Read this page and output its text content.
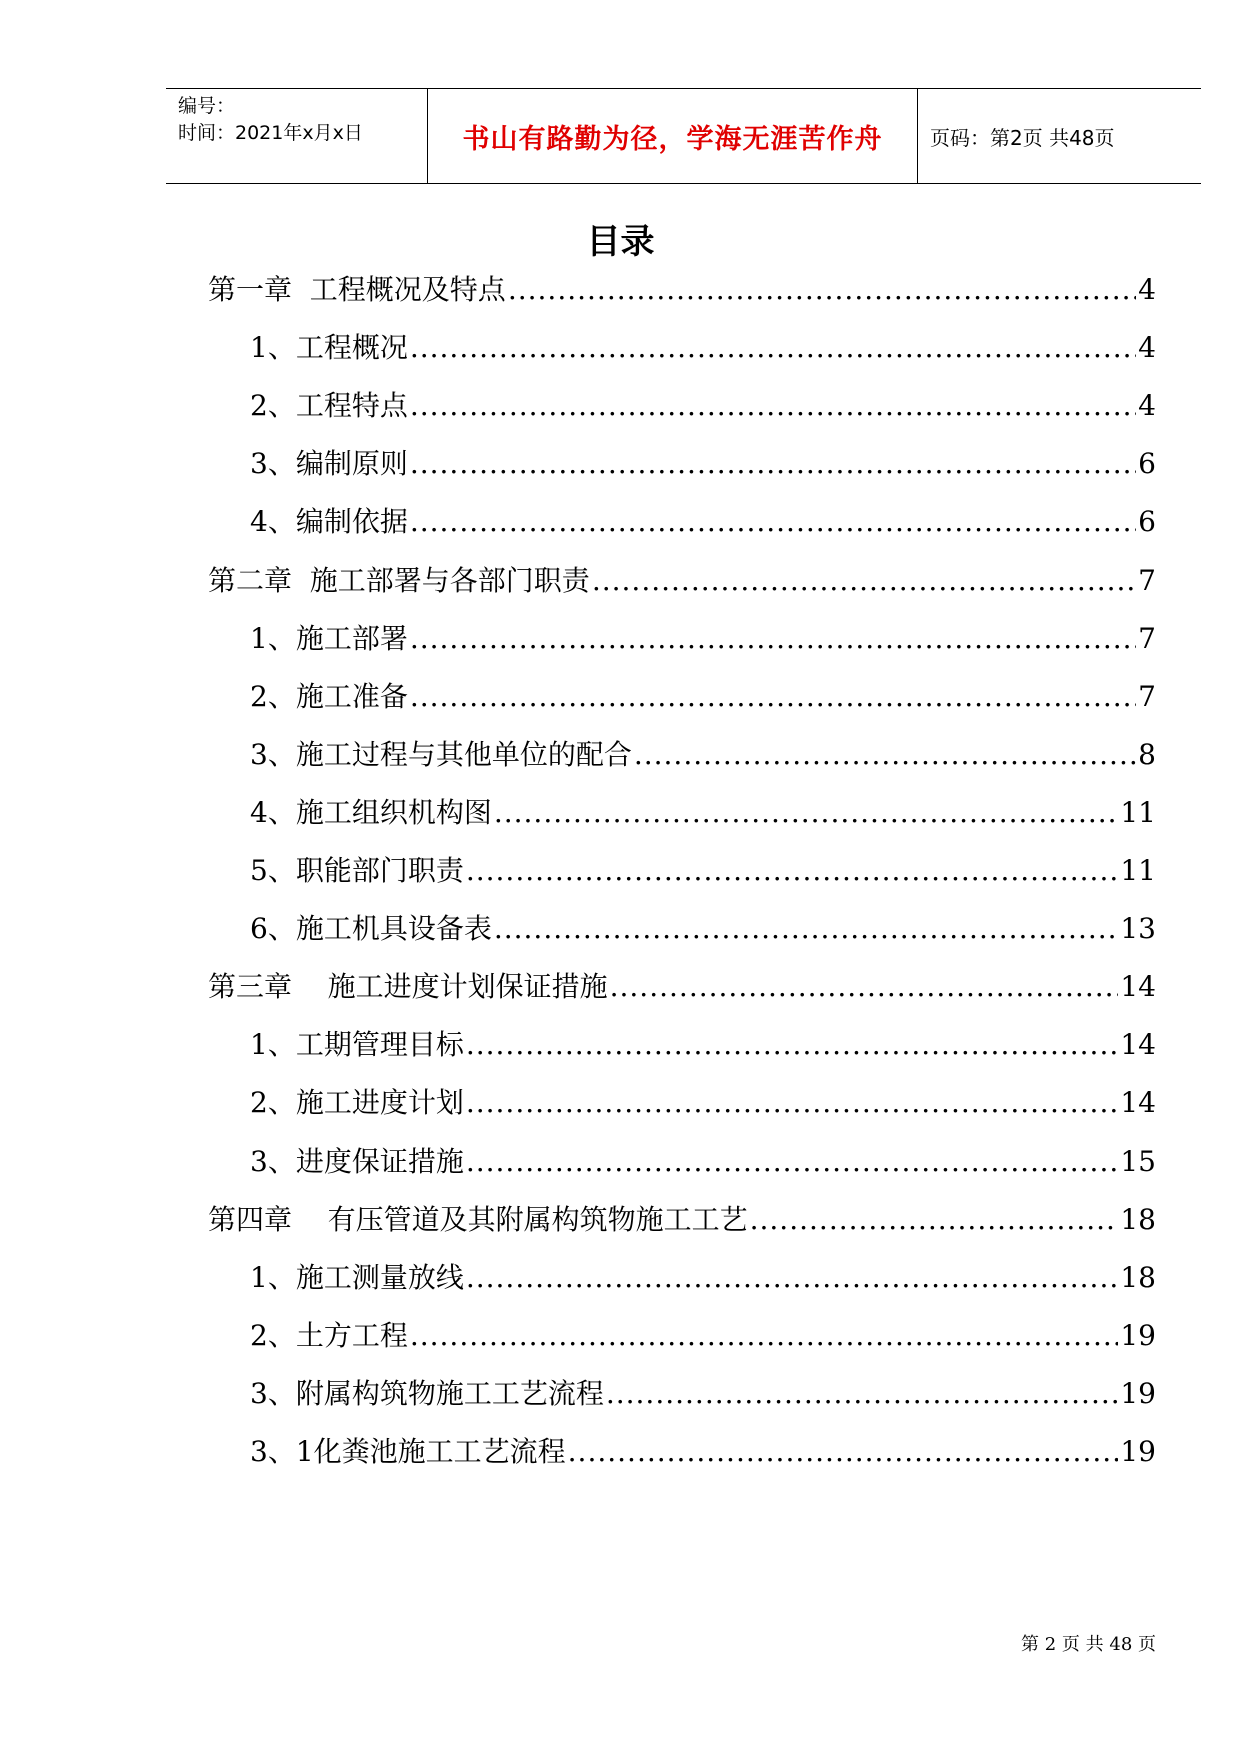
编号：
时间：2021年x月x日	书山有路勤为径，学海无涯苦作舟	页码：第2页 共48页
目录
第一章  工程概况及特点 .....	4
1、工程概况 .....	4
2、工程特点 .....	4
3、编制原则 .....	6
4、编制依据 .....	6
第二章  施工部署与各部门职责 .....	7
1、施工部署 .....	7
2、施工准备 .....	7
3、施工过程与其他单位的配合 .....	8
4、施工组织机构图 .....	11
5、职能部门职责 .....	11
6、施工机具设备表 .....	13
第三章    施工进度计划保证措施 .....	14
1、工期管理目标 .....	14
2、施工进度计划 .....	14
3、进度保证措施 .....	15
第四章    有压管道及其附属构筑物施工工艺 .....	18
1、施工测量放线 .....	18
2、土方工程 .....	19
3、附属构筑物施工工艺流程 .....	19
3、1化粪池施工工艺流程 .....	19
第 2 页 共 48 页
